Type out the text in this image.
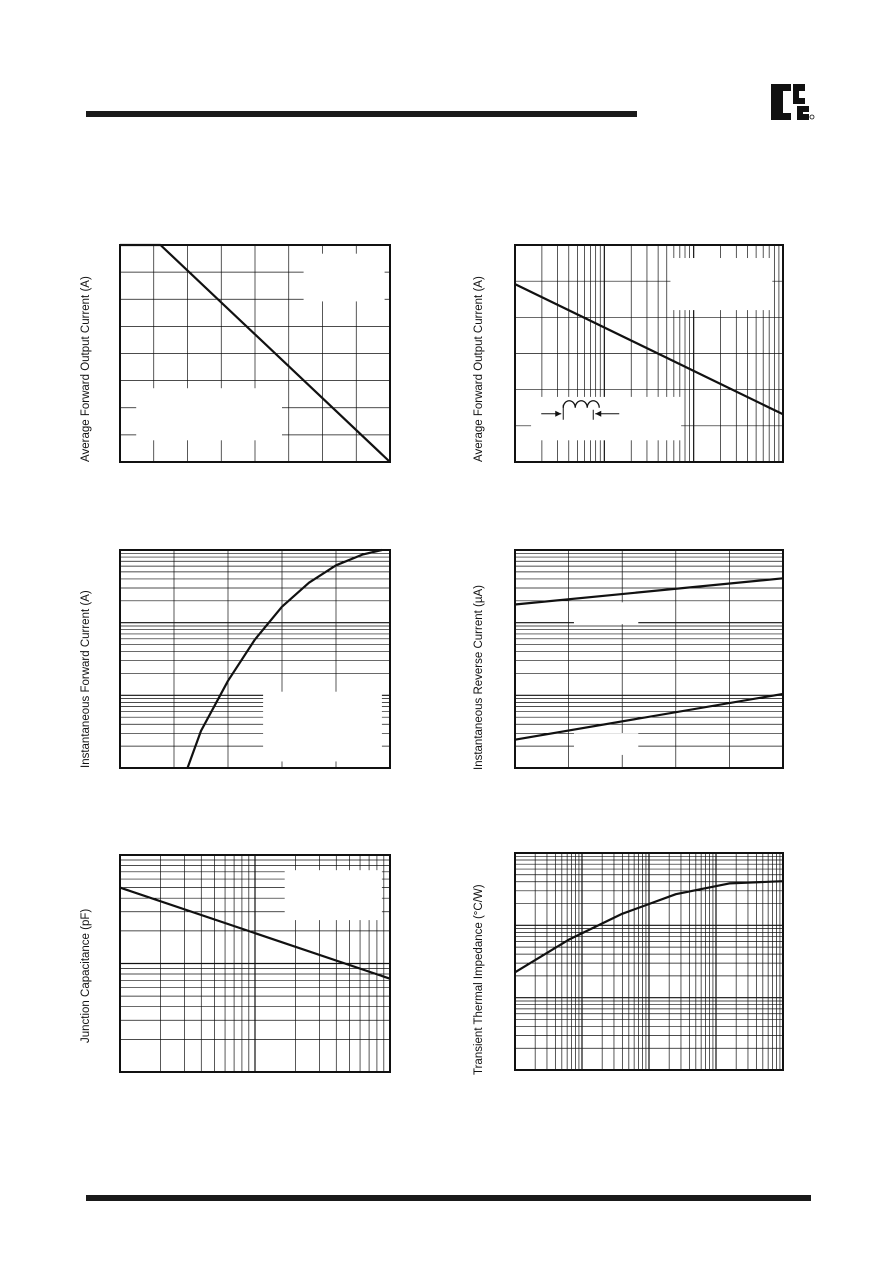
Average Forward Output Current (A)	Average Forward Output Current (A)
Instantaneous Forward Current (A)	Instantaneous Reverse Current (µA)
Junction Capacitance (pF)	Transient Thermal Impedance (°C/W)
